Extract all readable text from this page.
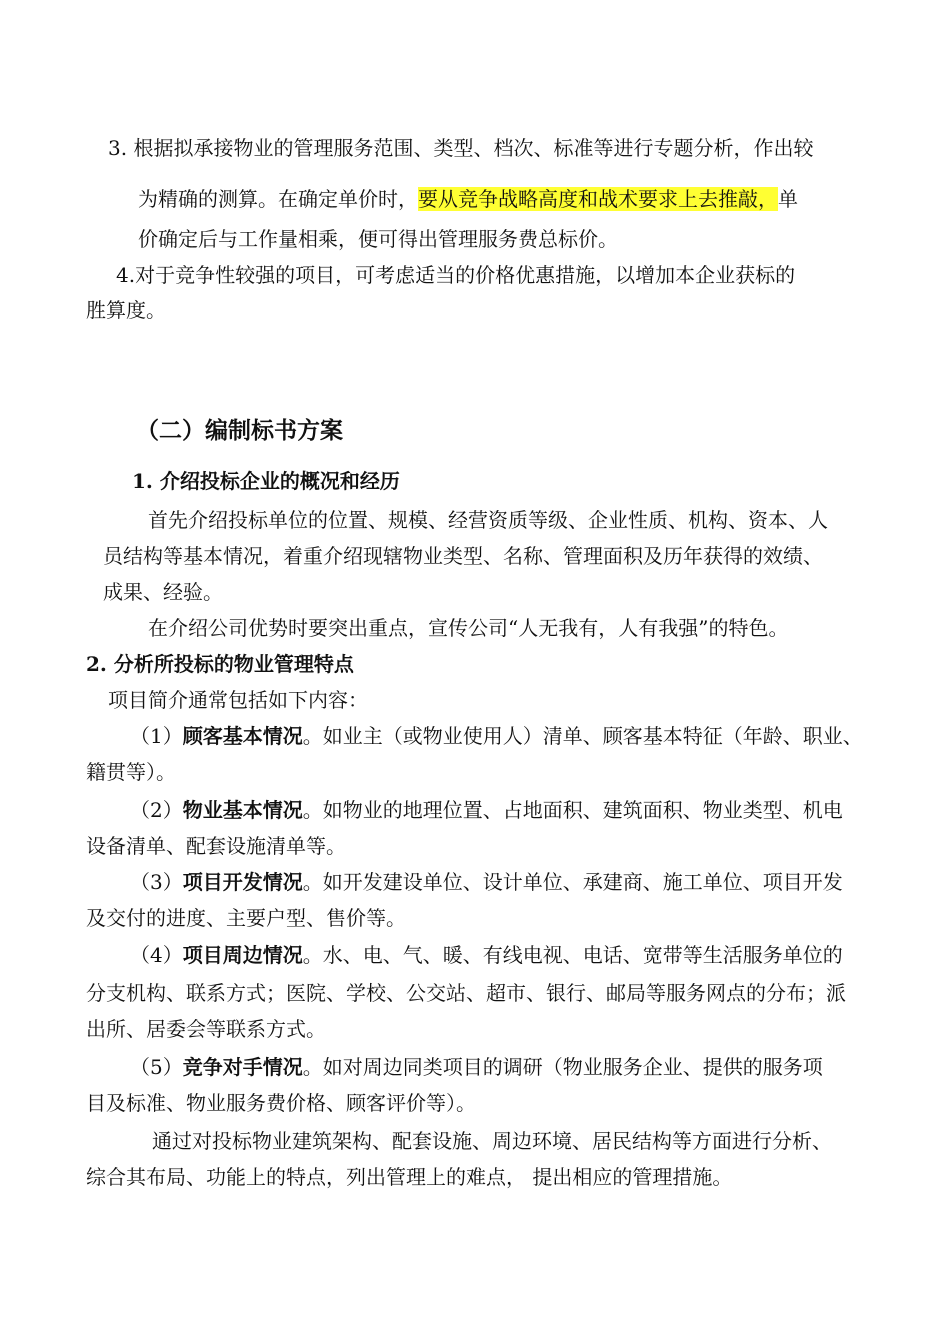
3. 根据拟承接物业的管理服务范围、类型、档次、标准等进行专题分析，作出较
为精确的测算。在确定单价时，要从竞争战略高度和战术要求上去推敲，单
价确定后与工作量相乘，便可得出管理服务费总标价。
4.对于竞争性较强的项目，可考虑适当的价格优惠措施，以增加本企业获标的
胜算度。
（二）编制标书方案
1. 介绍投标企业的概况和经历
首先介绍投标单位的位置、规模、经营资质等级、企业性质、机构、资本、人
员结构等基本情况，着重介绍现辖物业类型、名称、管理面积及历年获得的效绩、
成果、经验。
在介绍公司优势时要突出重点，宣传公司“人无我有，人有我强”的特色。
2. 分析所投标的物业管理特点
项目简介通常包括如下内容：
（1）顾客基本情况。如业主（或物业使用人）清单、顾客基本特征（年龄、职业、
籍贯等）。
（2）物业基本情况。如物业的地理位置、占地面积、建筑面积、物业类型、机电
设备清单、配套设施清单等。
（3）项目开发情况。如开发建设单位、设计单位、承建商、施工单位、项目开发
及交付的进度、主要户型、售价等。
（4）项目周边情况。水、电、气、暖、有线电视、电话、宽带等生活服务单位的
分支机构、联系方式；医院、学校、公交站、超市、银行、邮局等服务网点的分布；派
出所、居委会等联系方式。
（5）竞争对手情况。如对周边同类项目的调研（物业服务企业、提供的服务项
目及标准、物业服务费价格、顾客评价等）。
通过对投标物业建筑架构、配套设施、周边环境、居民结构等方面进行分析、
综合其布局、功能上的特点，列出管理上的难点， 提出相应的管理措施。
